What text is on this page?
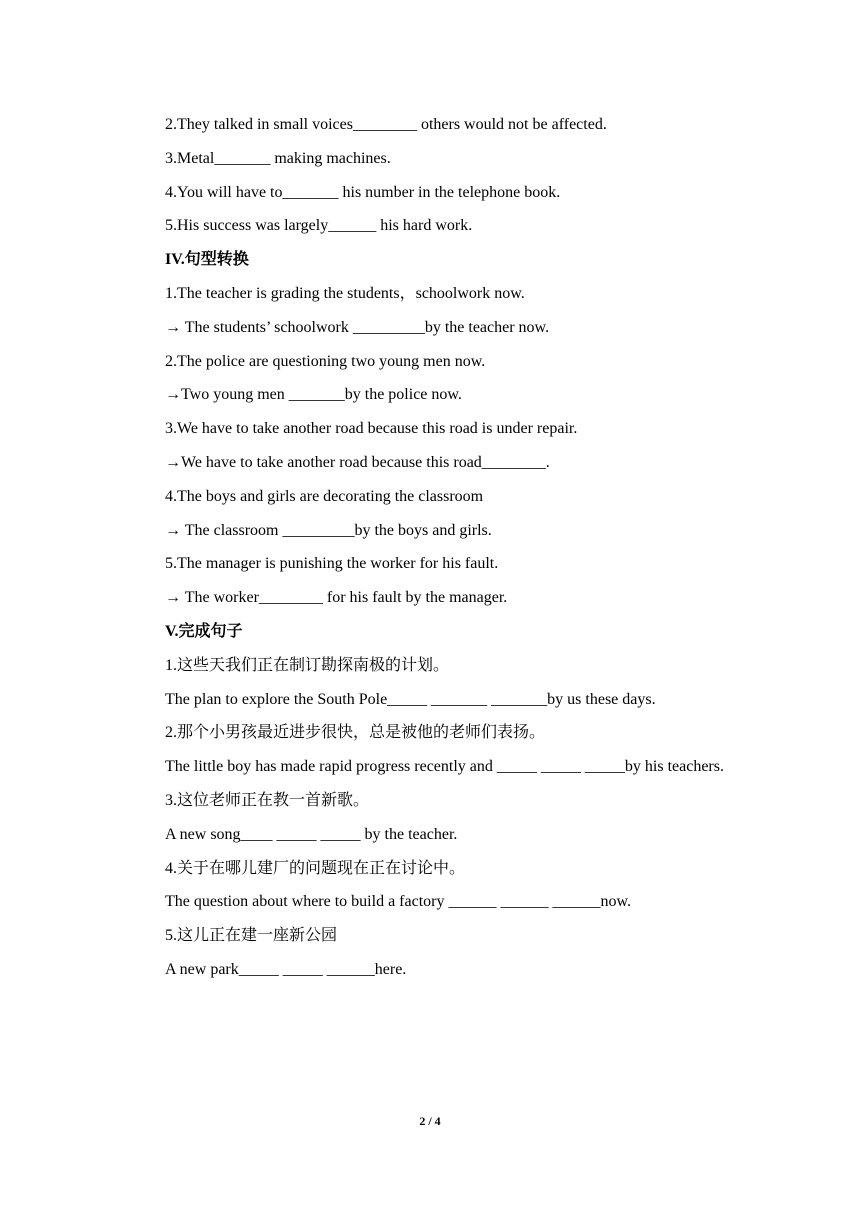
2.They talked in small voices________ others would not be affected.
3.Metal_______ making machines.
4.You will have to_______ his number in the telephone book.
5.His success was largely______ his hard work.
IV.句型转换
1.The teacher is grading the students，schoolwork now.
→ The students’ schoolwork _________by the teacher now.
2.The police are questioning two young men now.
→Two young men _______by the police now.
3.We have to take another road because this road is under repair.
→We have to take another road because this road________.
4.The boys and girls are decorating the classroom
→ The classroom _________by the boys and girls.
5.The manager is punishing the worker for his fault.
→ The worker________ for his fault by the manager.
V.完成句子
1.这些天我们正在制订勘探南极的计划。
The plan to explore the South Pole_____ _______ _______by us these days.
2.那个小男孩最近进步很快，总是被他的老师们表扬。
The little boy has made rapid progress recently and _____ _____ _____by his teachers.
3.这位老师正在教一首新歌。
A new song____ _____ _____ by the teacher.
4.关于在哪儿建厂的问题现在正在讨论中。
The question about where to build a factory ______ ______ ______now.
5.这儿正在建一座新公园
A new park_____ _____ ______here.
2 / 4
